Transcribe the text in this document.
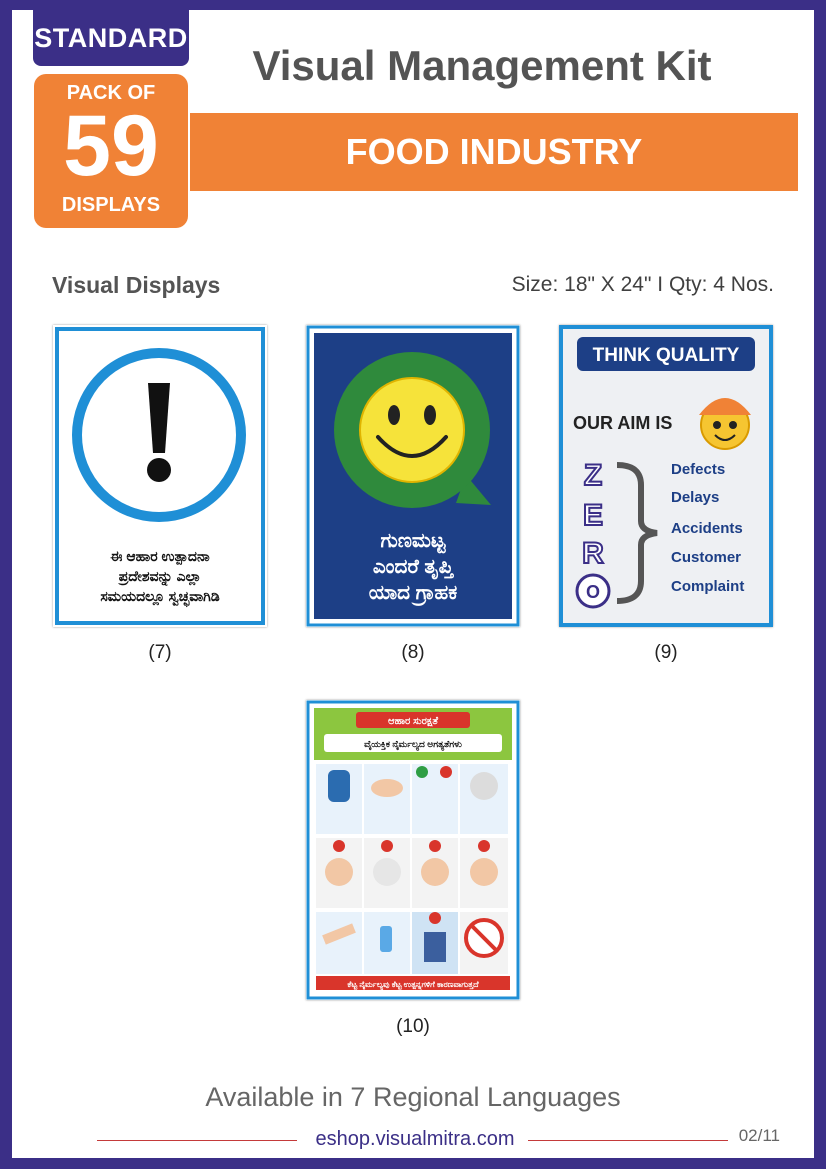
STANDARD
PACK OF
59
DISPLAYS
Visual Management Kit
FOOD INDUSTRY
Visual Displays	Size: 18" X 24" I Qty: 4 Nos.
ಈ ಆಹಾರ ಉತ್ಪಾದನಾ
ಪ್ರದೇಶವನ್ನು ಎಲ್ಲಾ
ಸಮಯದಲ್ಲೂ ಸ್ವಚ್ಛವಾಗಿಡಿ
(7)
ಗುಣಮಟ್ಟ
ಎಂದರೆ ತೃಪ್ತಿ
ಯಾದ ಗ್ರಾಹಕ
(8)
THINK QUALITY
OUR AIM IS
Z
E
R
O
Defects
Delays
Accidents
Customer
Complaint
(9)
ಆಹಾರ ಸುರಕ್ಷತೆ
ವೈಯಕ್ತಿಕ ನೈರ್ಮಲ್ಯದ ಅಗತ್ಯತೆಗಳು
ಕೆಟ್ಟ ನೈರ್ಮಲ್ಯವು ಕೆಟ್ಟ ಉತ್ಪನ್ನಗಳಿಗೆ ಕಾರಣವಾಗುತ್ತದೆ
(10)
Available in 7 Regional Languages
eshop.visualmitra.com	02/11
